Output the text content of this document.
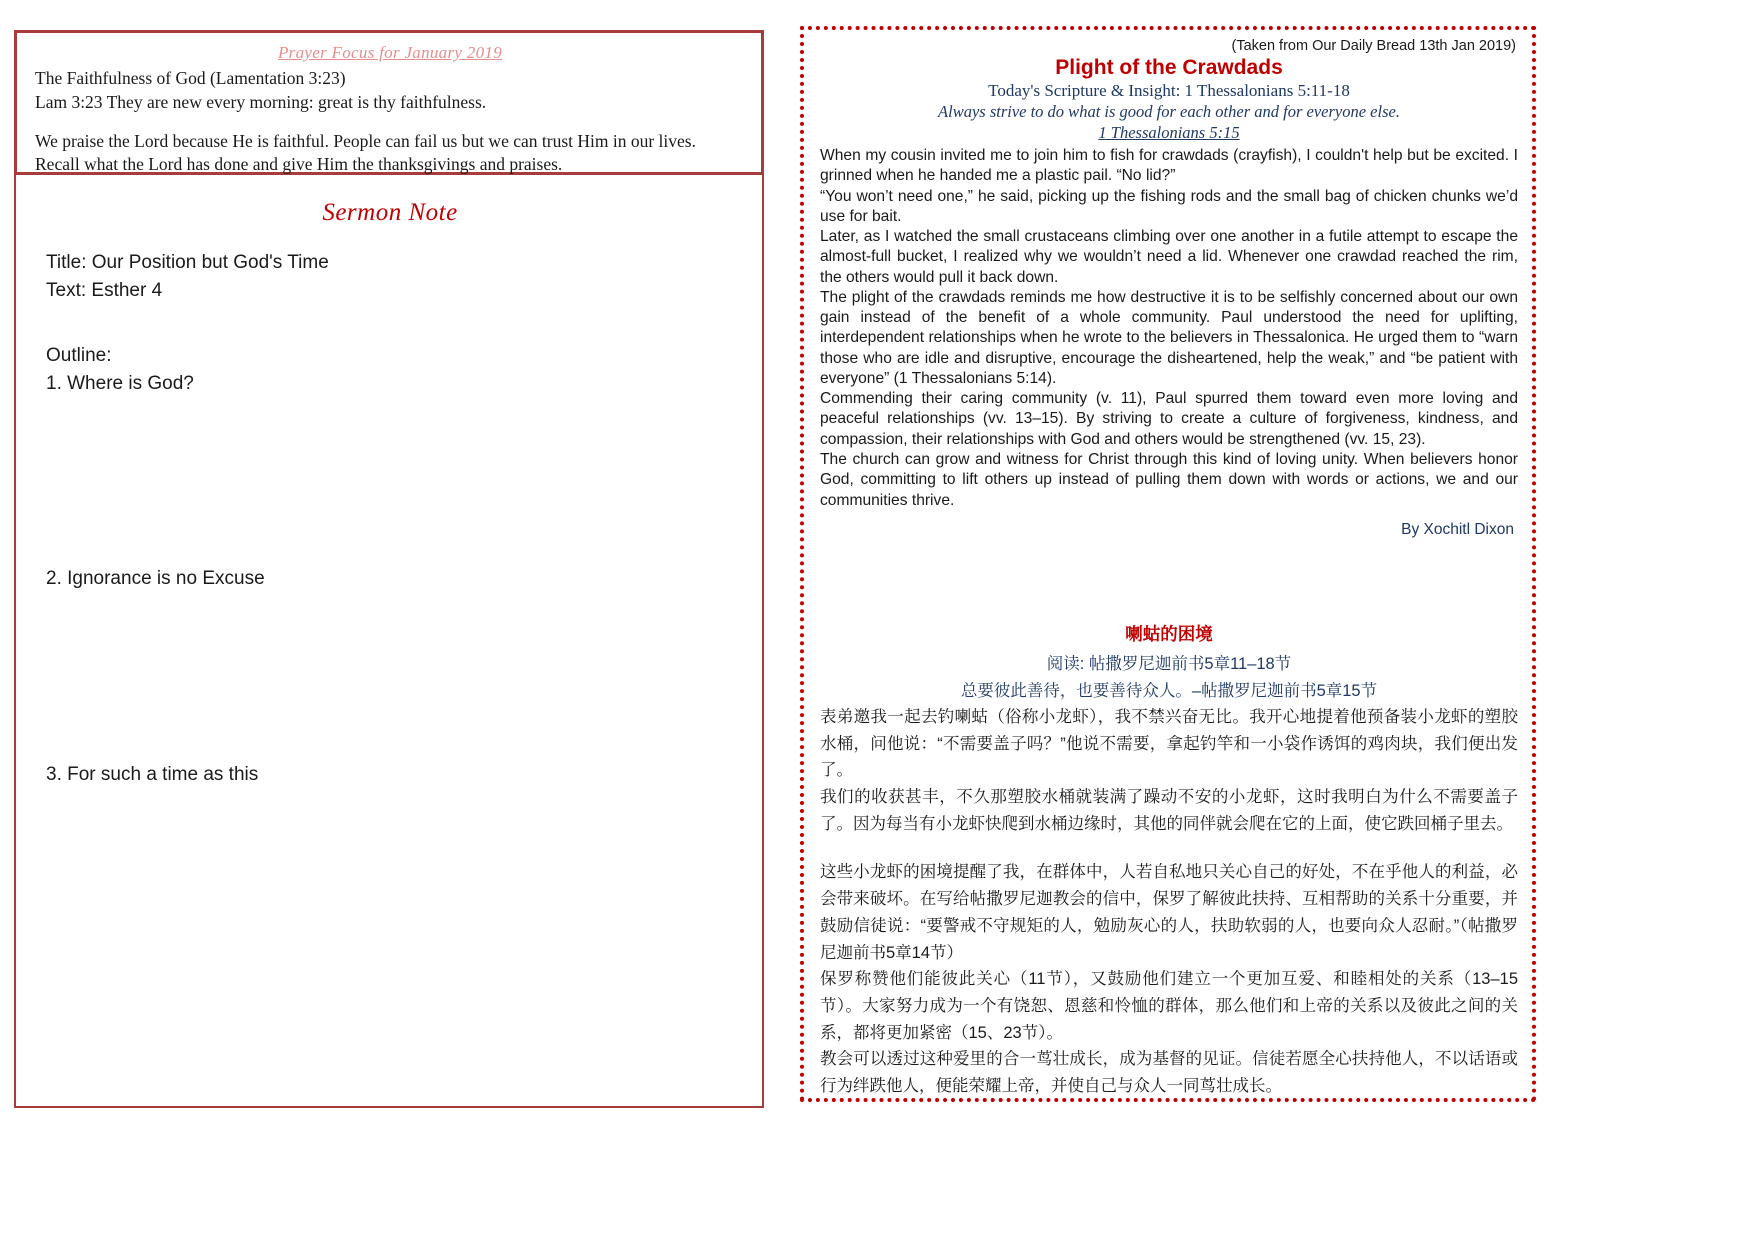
Prayer Focus for January 2019
The Faithfulness of God (Lamentation 3:23)
Lam 3:23 They are new every morning: great is thy faithfulness.
We praise the Lord because He is faithful. People can fail us but we can trust Him in our lives.
Recall what the Lord has done and give Him the thanksgivings and praises.
Sermon Note
Title: Our Position but God's Time
Text: Esther 4
Outline:
1. Where is God?
2. Ignorance is no Excuse
3. For such a time as this
(Taken from Our Daily Bread 13th Jan 2019)
Plight of the Crawdads
Today's Scripture & Insight: 1 Thessalonians 5:11-18
Always strive to do what is good for each other and for everyone else.
1 Thessalonians 5:15

When my cousin invited me to join him to fish for crawdads (crayfish), I couldn't help but be excited. I grinned when he handed me a plastic pail. “No lid?”

“You won’t need one,” he said, picking up the fishing rods and the small bag of chicken chunks we’d use for bait.

Later, as I watched the small crustaceans climbing over one another in a futile attempt to escape the almost-full bucket, I realized why we wouldn’t need a lid. Whenever one crawdad reached the rim, the others would pull it back down.

The plight of the crawdads reminds me how destructive it is to be selfishly concerned about our own gain instead of the benefit of a whole community. Paul understood the need for uplifting, interdependent relationships when he wrote to the believers in Thessalonica. He urged them to “warn those who are idle and disruptive, encourage the disheartened, help the weak,” and “be patient with everyone” (1 Thessalonians 5:14).

Commending their caring community (v. 11), Paul spurred them toward even more loving and peaceful relationships (vv. 13–15). By striving to create a culture of forgiveness, kindness, and compassion, their relationships with God and others would be strengthened (vv. 15, 23).

The church can grow and witness for Christ through this kind of loving unity. When believers honor God, committing to lift others up instead of pulling them down with words or actions, we and our communities thrive.

By Xochitl Dixon
喇蛄的困境
阅读: 帖撒罗尼迦前书5章11–18节
总要彼此善待，也要善待众人。–帖撒罗尼迦前书5章15节

表弟邀我一起去钓喇蛄（俗称小龙虾），我不禁兴奋无比。我开心地提着他预备装小龙虾的塑胶水桶，问他说：“不需要盖子吗？”他说不需要，拿起钓竿和一小袋作诱饵的鸡肉块，我们便出发了。

我们的收获甚丰，不久那塑胶水桶就装满了躁动不安的小龙虾，这时我明白为什么不需要盖子了。因为每当有小龙虾快爬到水桶边缘时，其他的同伴就会爬在它的上面，使它跌回桶子里去。

这些小龙虾的困境提醒了我，在群体中，人若自私地只关心自己的好处，不在乎他人的利益，必会带来破坏。在写给帖撒罗尼迦教会的信中，保罗了解彼此扶持、互相帮助的关系十分重要，并鼓励信徒说：“要警戒不守规矩的人，勉励灰心的人，扶助软弱的人，也要向众人忍耐。”（帖撒罗尼迦前书5章14节）

保罗称赞他们能彼此关心（11节），又鼓励他们建立一个更加互爱、和睦相处的关系（13–15节）。大家努力成为一个有饶恕、恩慈和怜恤的群体，那么他们和上帝的关系以及彼此之间的关系，都将更加紧密（15、23节）。

教会可以透过这种爱里的合一茑壮成长，成为基督的见证。信徒若愿全心扶持他人，不以话语或行为绊跌他人，便能荣耀上帝，并使自己与众人一同茑壮成长。
